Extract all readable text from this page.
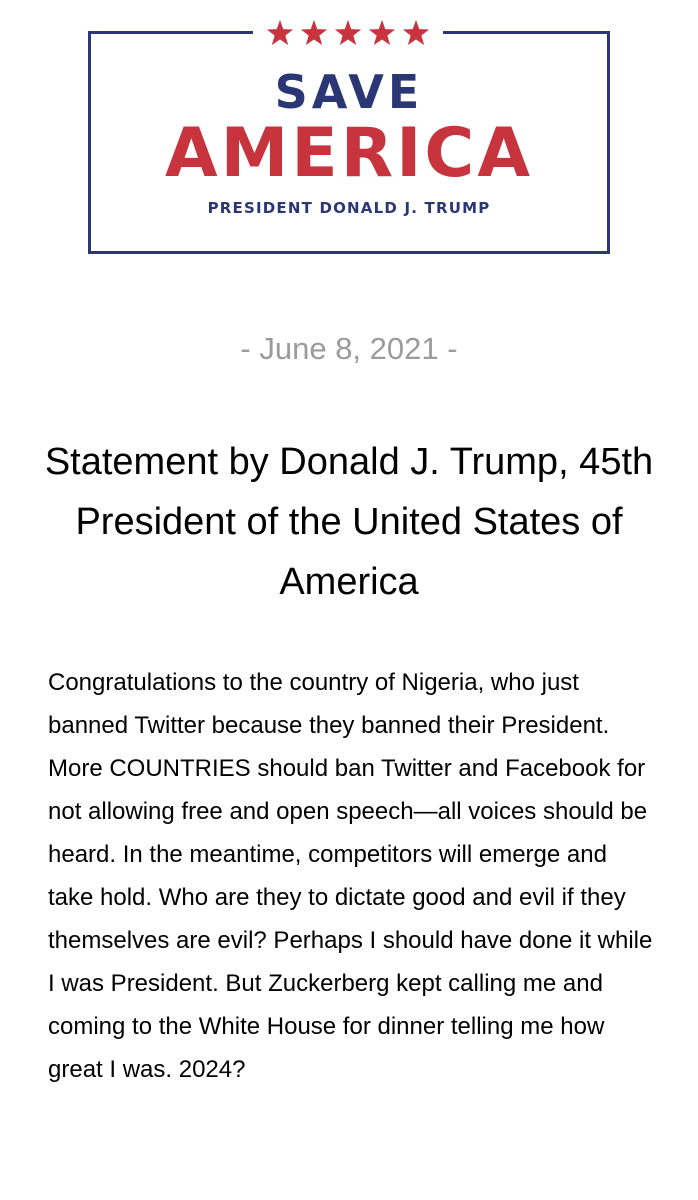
SAVE
AMERICA
PRESIDENT DONALD J. TRUMP
- June 8, 2021 -
Statement by Donald J. Trump, 45th President of the United States of America

Congratulations to the country of Nigeria, who just banned Twitter because they banned their President. More COUNTRIES should ban Twitter and Facebook for not allowing free and open speech—all voices should be heard. In the meantime, competitors will emerge and take hold. Who are they to dictate good and evil if they themselves are evil? Perhaps I should have done it while I was President. But Zuckerberg kept calling me and coming to the White House for dinner telling me how great I was. 2024?
